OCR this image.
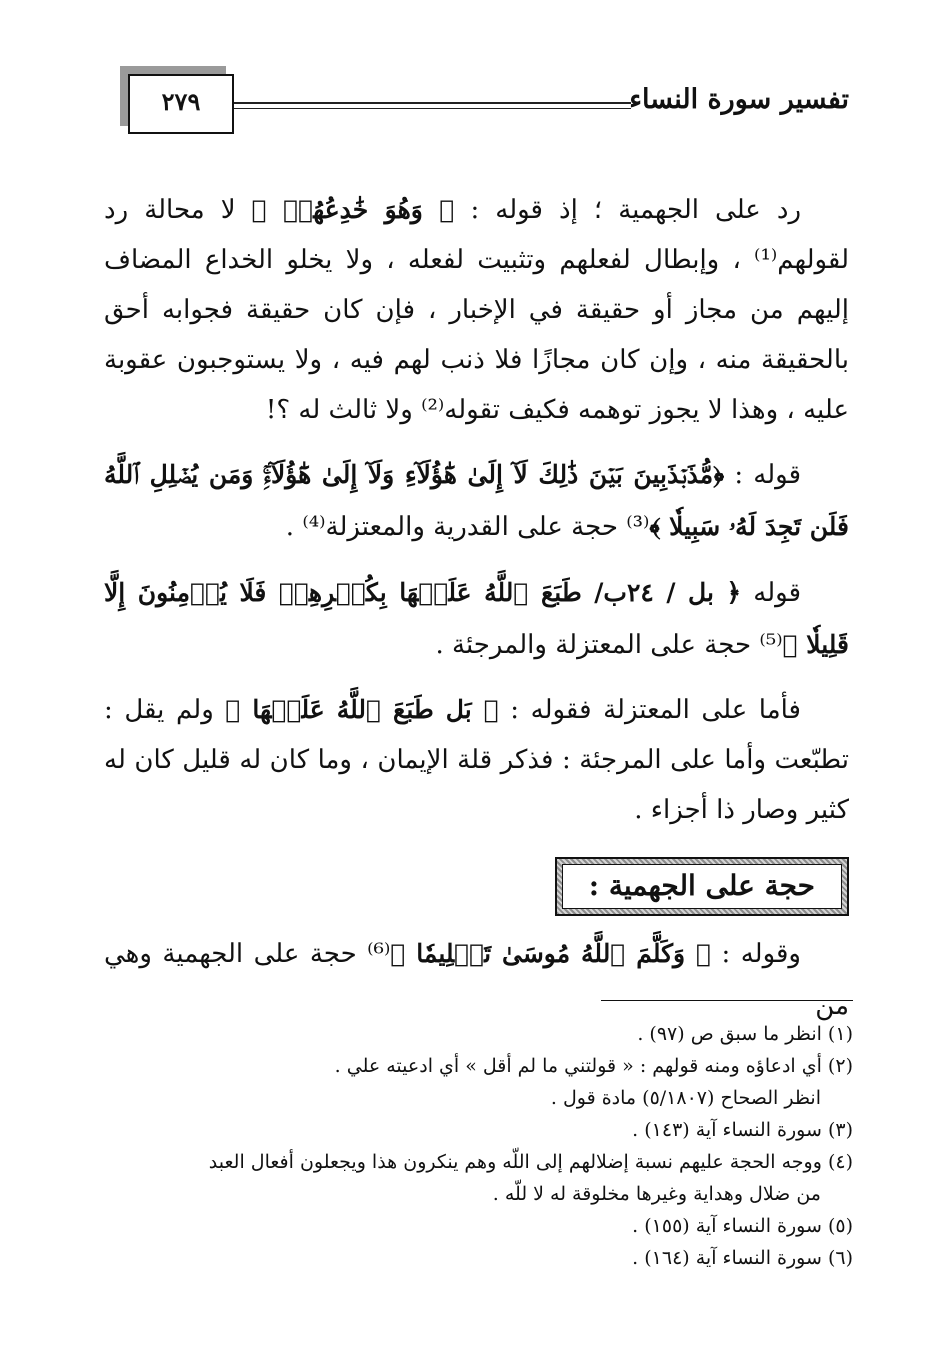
تفسير سورة النساء
٢٧٩

رد على الجهمية ؛ إذ قوله : ﴿ وَهُوَ خَٰدِعُهُمۡ ﴾ لا محالة رد لقولهم⁽¹⁾ ، وإبطال لفعلهم وتثبيت لفعله ، ولا يخلو الخداع المضاف إليهم من مجاز أو حقيقة في الإخبار ، فإن كان حقيقة فجوابه أحق بالحقيقة منه ، وإن كان مجازًا فلا ذنب لهم فيه ، ولا يستوجبون عقوبة عليه ، وهذا لا يجوز توهمه فكيف تقوله⁽²⁾ ولا ثالث له ؟!

قوله : ﴿مُّذَبۡذَبِينَ بَيۡنَ ذَٰلِكَ لَآ إِلَىٰ هَٰٓؤُلَآءِ وَلَآ إِلَىٰ هَٰٓؤُلَآءِۚ وَمَن يُضۡلِلِ ٱللَّهُ فَلَن تَجِدَ لَهُۥ سَبِيلٗا ﴾⁽³⁾ حجة على القدرية والمعتزلة⁽⁴⁾ .

قوله ﴿ بل / ٢٤ب/ طَبَعَ ٱللَّهُ عَلَيۡهَا بِكُفۡرِهِمۡ فَلَا يُؤۡمِنُونَ إِلَّا قَلِيلٗا ﴾⁽⁵⁾ حجة على المعتزلة والمرجئة .

فأما على المعتزلة فقوله : ﴿ بَل طَبَعَ ٱللَّهُ عَلَيۡهَا ﴾ ولم يقل : تطبّعت وأما على المرجئة : فذكر قلة الإيمان ، وما كان له قليل كان له كثير وصار ذا أجزاء .

حجة على الجهمية :

وقوله : ﴿ وَكَلَّمَ ٱللَّهُ مُوسَىٰ تَكۡلِيمٗا ﴾⁽⁶⁾ حجة على الجهمية وهي من

(١) انظر ما سبق ص (٩٧) .
(٢) أي ادعاؤه ومنه قولهم : « قولتني ما لم أقل » أي ادعيته علي .
انظر الصحاح (٥/١٨٠٧) مادة قول .
(٣) سورة النساء آية (١٤٣) .
(٤) ووجه الحجة عليهم نسبة إضلالهم إلى اللّه وهم ينكرون هذا ويجعلون أفعال العبد
من ضلال وهداية وغيرها مخلوقة له لا للّه .
(٥) سورة النساء آية (١٥٥) .
(٦) سورة النساء آية (١٦٤) .
